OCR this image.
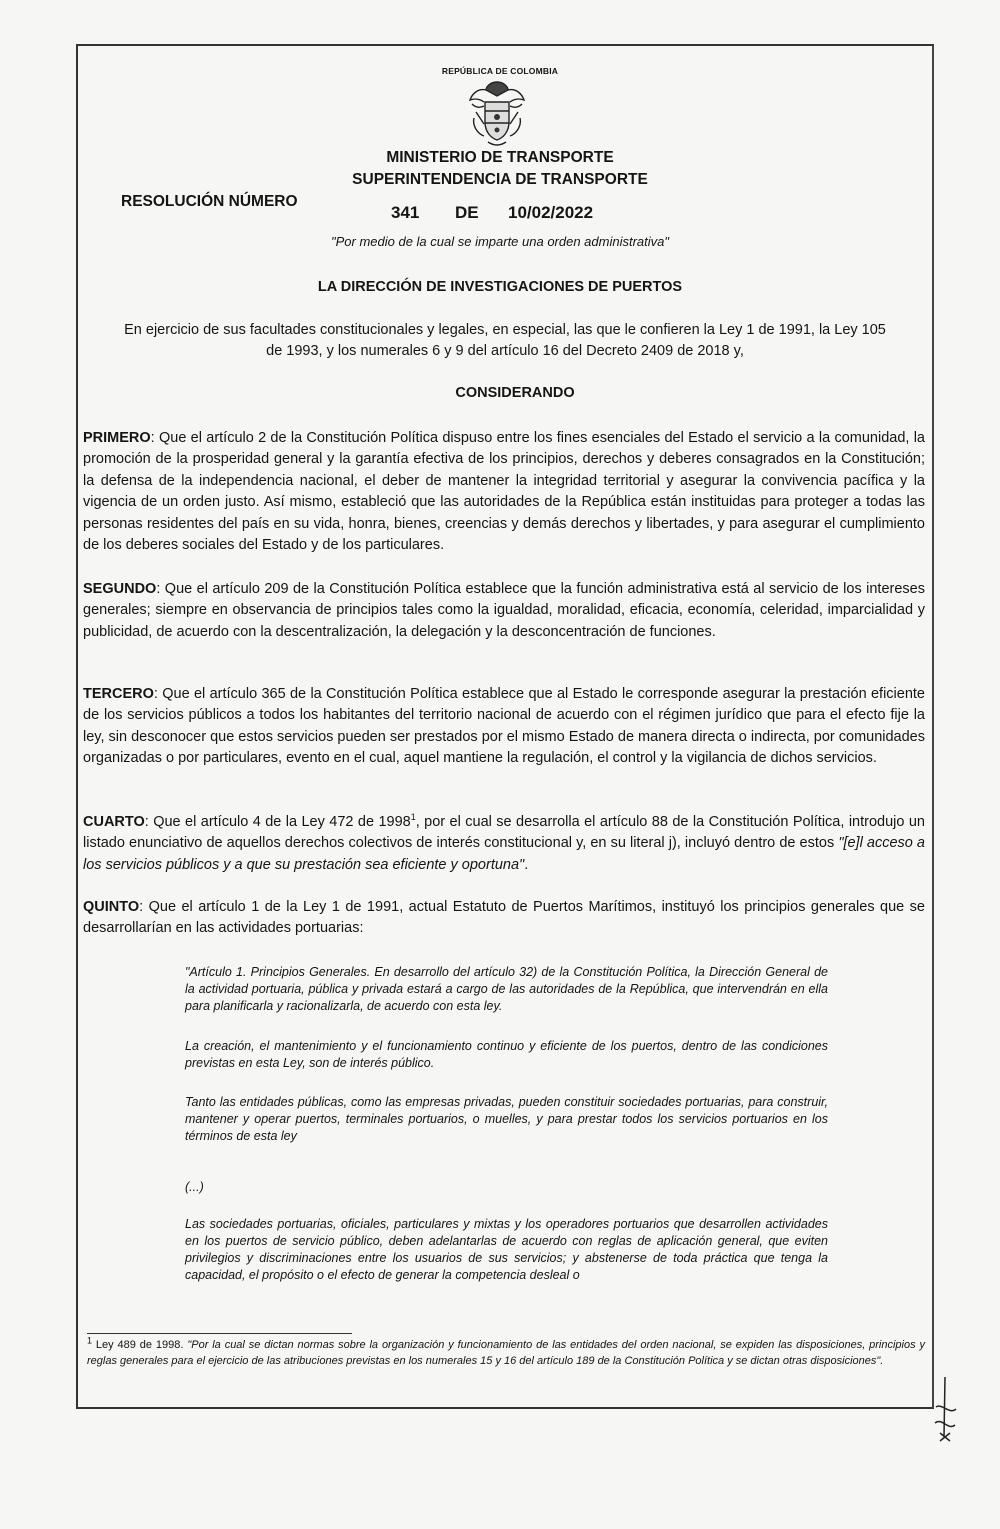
REPÚBLICA DE COLOMBIA
MINISTERIO DE TRANSPORTE
SUPERINTENDENCIA DE TRANSPORTE
RESOLUCIÓN NÚMERO
341 DE 10/02/2022
"Por medio de la cual se imparte una orden administrativa"
LA DIRECCIÓN DE INVESTIGACIONES DE PUERTOS
En ejercicio de sus facultades constitucionales y legales, en especial, las que le confieren la Ley 1 de 1991, la Ley 105 de 1993, y los numerales 6 y 9 del artículo 16 del Decreto 2409 de 2018 y,
CONSIDERANDO
PRIMERO: Que el artículo 2 de la Constitución Política dispuso entre los fines esenciales del Estado el servicio a la comunidad, la promoción de la prosperidad general y la garantía efectiva de los principios, derechos y deberes consagrados en la Constitución; la defensa de la independencia nacional, el deber de mantener la integridad territorial y asegurar la convivencia pacífica y la vigencia de un orden justo. Así mismo, estableció que las autoridades de la República están instituidas para proteger a todas las personas residentes del país en su vida, honra, bienes, creencias y demás derechos y libertades, y para asegurar el cumplimiento de los deberes sociales del Estado y de los particulares.
SEGUNDO: Que el artículo 209 de la Constitución Política establece que la función administrativa está al servicio de los intereses generales; siempre en observancia de principios tales como la igualdad, moralidad, eficacia, economía, celeridad, imparcialidad y publicidad, de acuerdo con la descentralización, la delegación y la desconcentración de funciones.
TERCERO: Que el artículo 365 de la Constitución Política establece que al Estado le corresponde asegurar la prestación eficiente de los servicios públicos a todos los habitantes del territorio nacional de acuerdo con el régimen jurídico que para el efecto fije la ley, sin desconocer que estos servicios pueden ser prestados por el mismo Estado de manera directa o indirecta, por comunidades organizadas o por particulares, evento en el cual, aquel mantiene la regulación, el control y la vigilancia de dichos servicios.
CUARTO: Que el artículo 4 de la Ley 472 de 1998$^1$, por el cual se desarrolla el artículo 88 de la Constitución Política, introdujo un listado enunciativo de aquellos derechos colectivos de interés constitucional y, en su literal j), incluyó dentro de estos "[e]l acceso a los servicios públicos y a que su prestación sea eficiente y oportuna".
QUINTO: Que el artículo 1 de la Ley 1 de 1991, actual Estatuto de Puertos Marítimos, instituyó los principios generales que se desarrollarían en las actividades portuarias:
"Artículo 1. Principios Generales. En desarrollo del artículo 32) de la Constitución Política, la Dirección General de la actividad portuaria, pública y privada estará a cargo de las autoridades de la República, que intervendrán en ella para planificarla y racionalizarla, de acuerdo con esta ley.
La creación, el mantenimiento y el funcionamiento continuo y eficiente de los puertos, dentro de las condiciones previstas en esta Ley, son de interés público.
Tanto las entidades públicas, como las empresas privadas, pueden constituir sociedades portuarias, para construir, mantener y operar puertos, terminales portuarios, o muelles, y para prestar todos los servicios portuarios en los términos de esta ley
(...)
Las sociedades portuarias, oficiales, particulares y mixtas y los operadores portuarios que desarrollen actividades en los puertos de servicio público, deben adelantarlas de acuerdo con reglas de aplicación general, que eviten privilegios y discriminaciones entre los usuarios de sus servicios; y abstenerse de toda práctica que tenga la capacidad, el propósito o el efecto de generar la competencia desleal o
$^1$ Ley 489 de 1998. "Por la cual se dictan normas sobre la organización y funcionamiento de las entidades del orden nacional, se expiden las disposiciones, principios y reglas generales para el ejercicio de las atribuciones previstas en los numerales 15 y 16 del artículo 189 de la Constitución Política y se dictan otras disposiciones".
